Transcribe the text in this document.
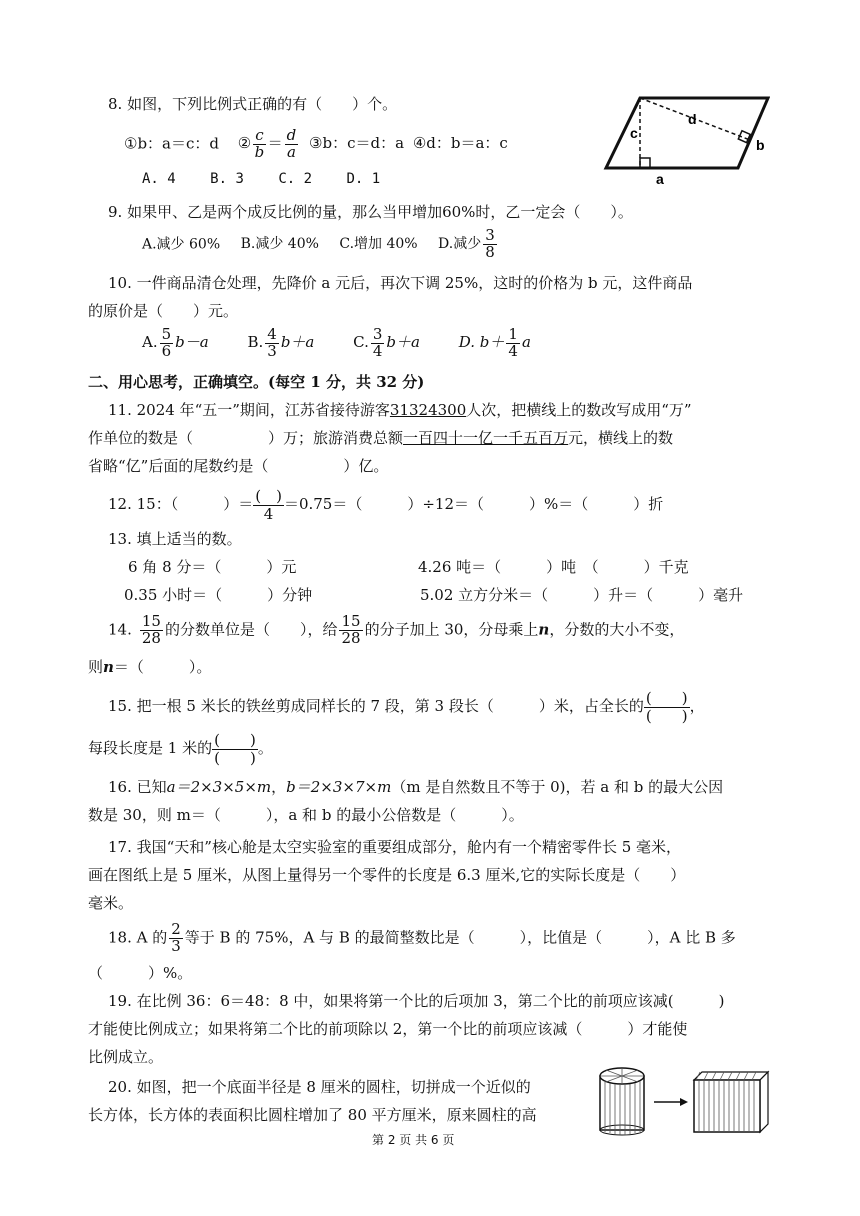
8. 如图，下列比例式正确的有（　　）个。
①b：a＝c：d ② $\frac{c}{b} = \frac{d}{a}$ ③b：c＝d：a ④d：b＝a：c
A. 4 B. 3 C. 2 D. 1
c
d
b
a
9. 如果甲、乙是两个成反比例的量，那么当甲增加60%时，乙一定会（　　）。
A.减少 60% B.减少 40% C.增加 40% D.减少 $\frac{3}{8}$
10. 一件商品清仓处理，先降价 a 元后，再次下调 25%，这时的价格为 b 元，这件商品
的原价是（　　）元。
A. $\frac{5}{6} b-a$	B. $\frac{4}{3} b+a$	C. $\frac{3}{4} b+a$	D. $b+ \frac{1}{4}$ a
二、用心思考，正确填空。(每空 1 分，共 32 分)
11. 2024 年“五一”期间，江苏省接待游客31324300人次，把横线上的数改写成用“万”
作单位的数是（　　　　　）万；旅游消费总额一百四十一亿一千五百万元，横线上的数
省略“亿”后面的尾数约是（　　　　　）亿。
12. 15：（　　　）＝ (　)
4
＝0.75＝（　　　）÷12＝（　　　）%＝（　　　）折
13. 填上适当的数。
6 角 8 分＝（　　　）元	4.26 吨＝（　　　）吨　（　　　）千克
0.35 小时＝（　　　）分钟	5.02 立方分米＝（　　　）升＝（　　　）毫升
14. $\frac{15}{28}$ 的分数单位是（　　），给 $\frac{15}{28}$ 的分子加上 30，分母乘上n，分数的大小不变，
则n＝（　　　）。
15. 把一根 5 米长的铁丝剪成同样长的 7 段，第 3 段长（　　　）米，占全长的 (　　)
(　　)
，
每段长度是 1 米的 (　　)
(　　)
。
16. 已知a＝2×3×5×m，b＝2×3×7×m（m 是自然数且不等于 0)，若 a 和 b 的最大公因
数是 30，则 m＝（　　　），a 和 b 的最小公倍数是（　　　）。
17. 我国“天和”核心舱是太空实验室的重要组成部分，舱内有一个精密零件长 5 毫米，
画在图纸上是 5 厘米，从图上量得另一个零件的长度是 6.3 厘米,它的实际长度是（　　）
毫米。
18. A 的 $\frac{2}{3}$ 等于 B 的 75%，A 与 B 的最简整数比是（　　　），比值是（　　　），A 比 B 多
（　　　）%。
19. 在比例 36：6＝48：8 中，如果将第一个比的后项加 3，第二个比的前项应该减(　　　)
才能使比例成立；如果将第二个比的前项除以 2，第一个比的前项应该减（　　　）才能使
比例成立。
20. 如图，把一个底面半径是 8 厘米的圆柱，切拼成一个近似的
长方体，长方体的表面积比圆柱增加了 80 平方厘米，原来圆柱的高
第 2 页 共 6 页
